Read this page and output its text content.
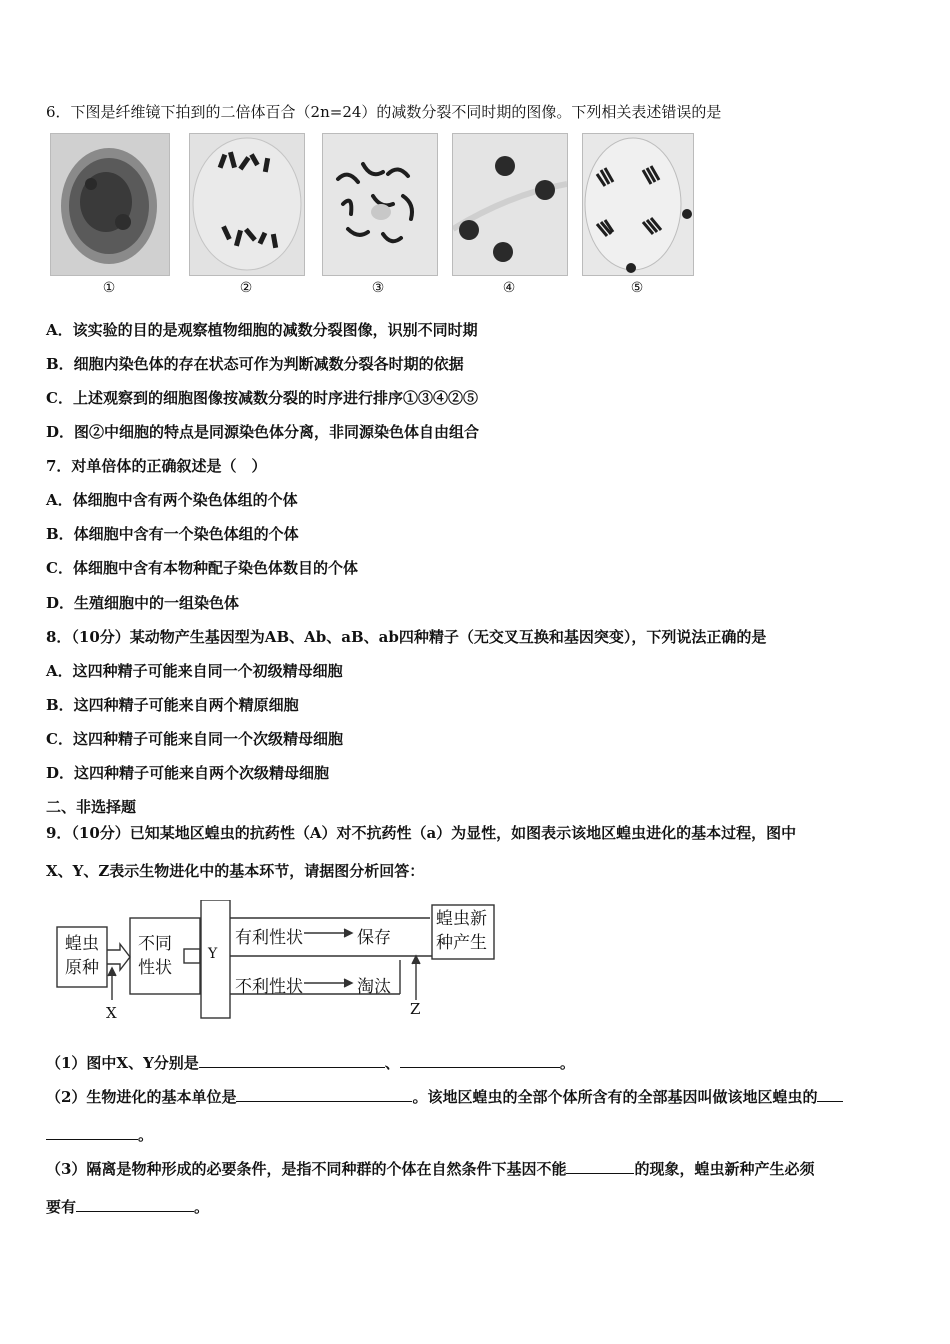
6．下图是纤维镜下拍到的二倍体百合（2n=24）的减数分裂不同时期的图像。下列相关表述错误的是
①	②	③	④	⑤
A．该实验的目的是观察植物细胞的减数分裂图像，识别不同时期
B．细胞内染色体的存在状态可作为判断减数分裂各时期的依据
C．上述观察到的细胞图像按减数分裂的时序进行排序①③④②⑤
D．图②中细胞的特点是同源染色体分离，非同源染色体自由组合
7．对单倍体的正确叙述是（　）
A．体细胞中含有两个染色体组的个体
B．体细胞中含有一个染色体组的个体
C．体细胞中含有本物种配子染色体数目的个体
D．生殖细胞中的一组染色体
8．（10分）某动物产生基因型为AB、Ab、aB、ab四种精子（无交叉互换和基因突变），下列说法正确的是
A．这四种精子可能来自同一个初级精母细胞
B．这四种精子可能来自两个精原细胞
C．这四种精子可能来自同一个次级精母细胞
D．这四种精子可能来自两个次级精母细胞
二、非选择题
9．（10分）已知某地区蝗虫的抗药性（A）对不抗药性（a）为显性，如图表示该地区蝗虫进化的基本过程，图中
X、Y、Z表示生物进化中的基本环节，请据图分析回答：
蝗虫
原种
不同
性状
Y
有利性状	保存
不利性状	淘汰
蝗虫新
种产生
X	Z
（1）图中X、Y分别是	、	。
（2）生物进化的基本单位是	。该地区蝗虫的全部个体所含有的全部基因叫做该地区蝗虫的
。
（3）隔离是物种形成的必要条件，是指不同种群的个体在自然条件下基因不能	的现象，蝗虫新种产生必须
要有	。
